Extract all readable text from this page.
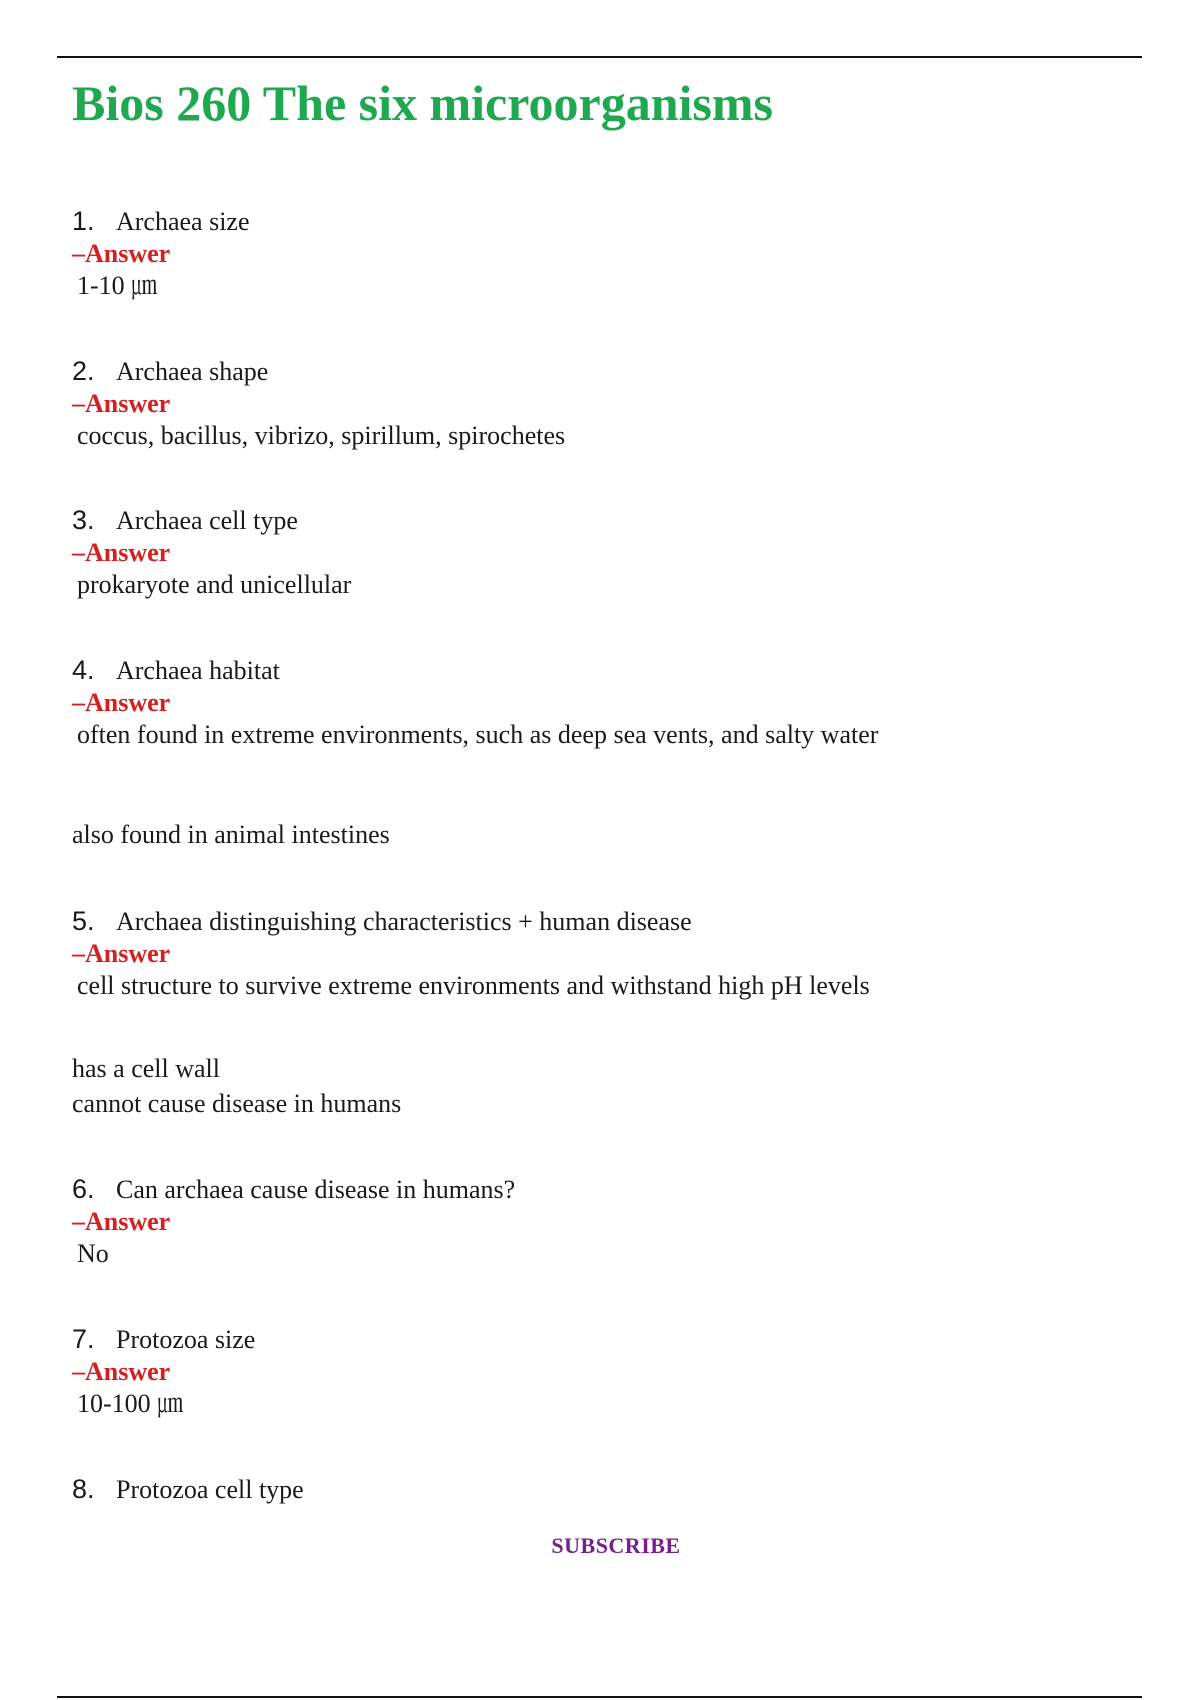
Bios 260 The six microorganisms
1. Archaea size
–Answer
1-10 ㎛
2. Archaea shape
–Answer
coccus, bacillus, vibrizo, spirillum, spirochetes
3. Archaea cell type
–Answer
prokaryote and unicellular
4. Archaea habitat
–Answer
often found in extreme environments, such as deep sea vents, and salty water
also found in animal intestines
5. Archaea distinguishing characteristics + human disease
–Answer
cell structure to survive extreme environments and withstand high pH levels
has a cell wall
cannot cause disease in humans
6. Can archaea cause disease in humans?
–Answer
No
7. Protozoa size
–Answer
10-100 ㎛
8. Protozoa cell type
SUBSCRIBE
